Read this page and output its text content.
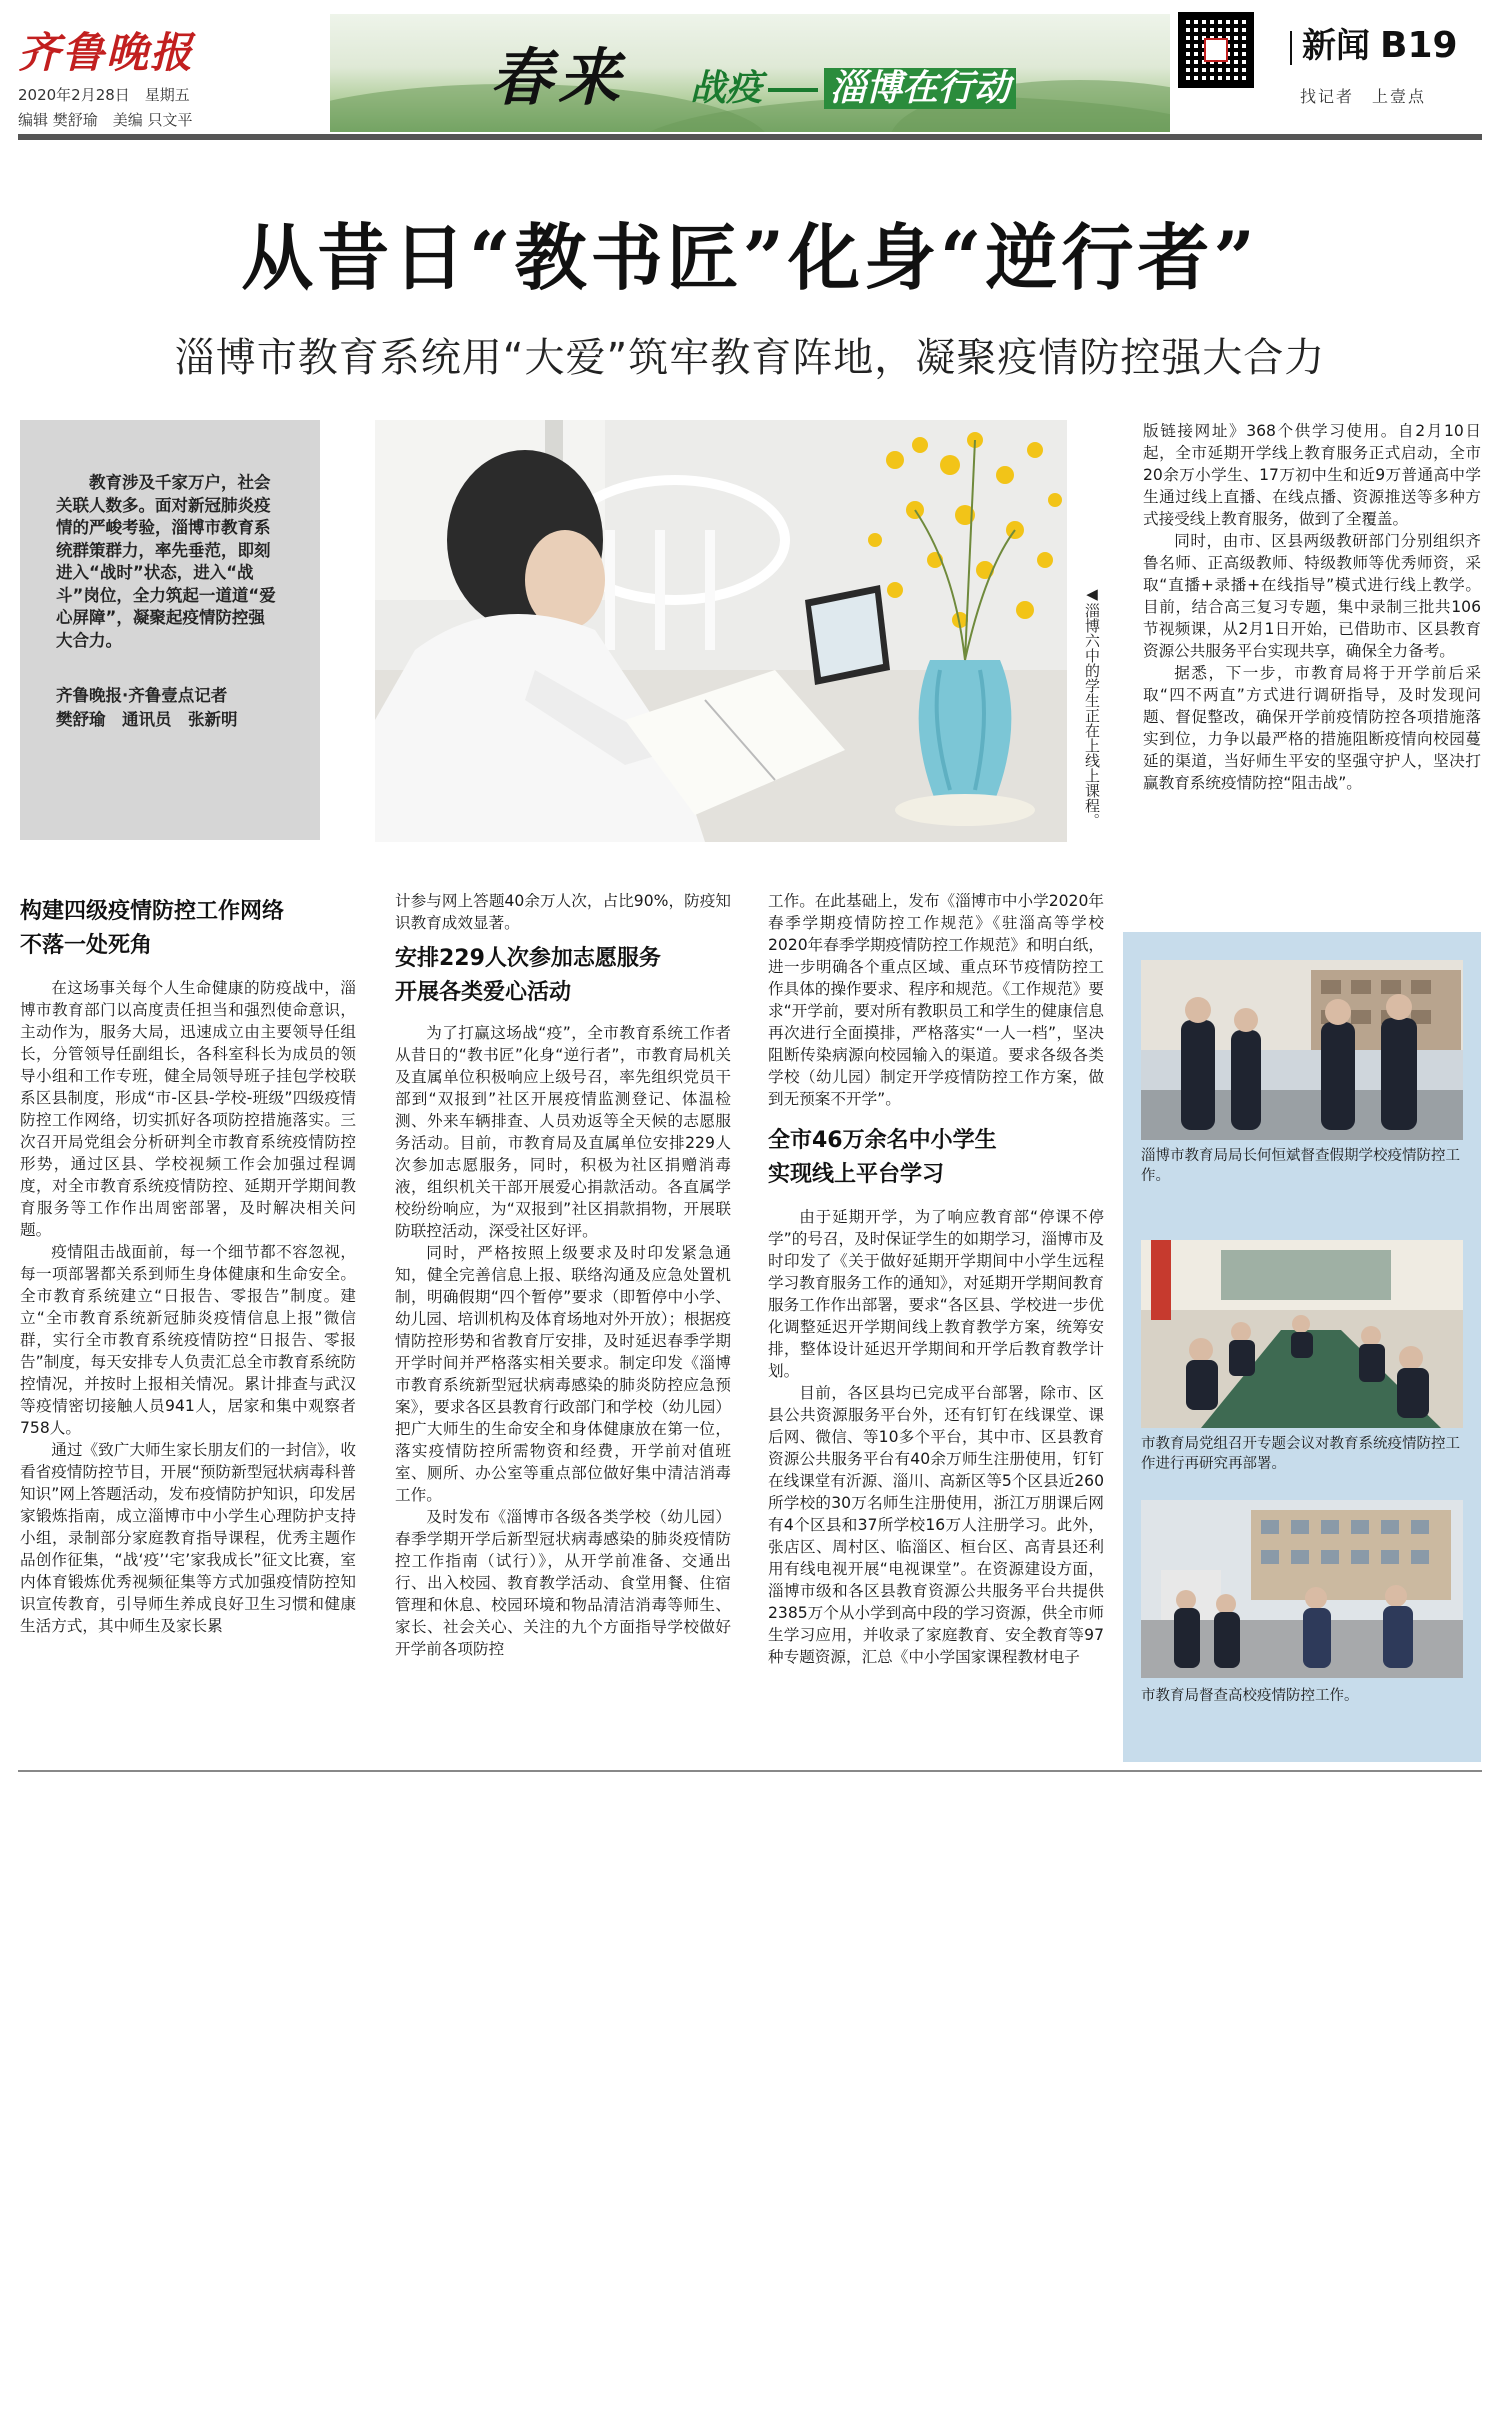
齐鲁晚报
2020年2月28日　星期五
编辑 樊舒瑜　美编 只文平
春来 战疫 淄博在行动
新闻 B19
找记者　上壹点
从昔日“教书匠”化身“逆行者”
淄博市教育系统用“大爱”筑牢教育阵地，凝聚疫情防控强大合力

教育涉及千家万户，社会关联人数多。面对新冠肺炎疫情的严峻考验，淄博市教育系统群策群力，率先垂范，即刻进入“战时”状态，进入“战斗”岗位，全力筑起一道道“爱心屏障”，凝聚起疫情防控强大合力。

齐鲁晚报·齐鲁壹点记者
樊舒瑜　通讯员　张新明	◀淄博六中的学生正在上线上课程。
构建四级疫情防控工作网络
不落一处死角

在这场事关每个人生命健康的防疫战中，淄博市教育部门以高度责任担当和强烈使命意识，主动作为，服务大局，迅速成立由主要领导任组长，分管领导任副组长，各科室科长为成员的领导小组和工作专班，健全局领导班子挂包学校联系区县制度，形成“市-区县-学校-班级”四级疫情防控工作网络，切实抓好各项防控措施落实。三次召开局党组会分析研判全市教育系统疫情防控形势，通过区县、学校视频工作会加强过程调度，对全市教育系统疫情防控、延期开学期间教育服务等工作作出周密部署，及时解决相关问题。

疫情阻击战面前，每一个细节都不容忽视，每一项部署都关系到师生身体健康和生命安全。全市教育系统建立“日报告、零报告”制度。建立“全市教育系统新冠肺炎疫情信息上报”微信群，实行全市教育系统疫情防控“日报告、零报告”制度，每天安排专人负责汇总全市教育系统防控情况，并按时上报相关情况。累计排查与武汉等疫情密切接触人员941人，居家和集中观察者758人。

通过《致广大师生家长朋友们的一封信》，收看省疫情防控节目，开展“预防新型冠状病毒科普知识”网上答题活动，发布疫情防护知识，印发居家锻炼指南，成立淄博市中小学生心理防护支持小组，录制部分家庭教育指导课程，优秀主题作品创作征集，“战‘疫’‘宅’家我成长”征文比赛，室内体育锻炼优秀视频征集等方式加强疫情防控知识宣传教育，引导师生养成良好卫生习惯和健康生活方式，其中师生及家长累

计参与网上答题40余万人次，占比90%，防疫知识教育成效显著。

安排229人次参加志愿服务
开展各类爱心活动

为了打赢这场战“疫”，全市教育系统工作者从昔日的“教书匠”化身“逆行者”，市教育局机关及直属单位积极响应上级号召，率先组织党员干部到“双报到”社区开展疫情监测登记、体温检测、外来车辆排查、人员劝返等全天候的志愿服务活动。目前，市教育局及直属单位安排229人次参加志愿服务，同时，积极为社区捐赠消毒液，组织机关干部开展爱心捐款活动。各直属学校纷纷响应，为“双报到”社区捐款捐物，开展联防联控活动，深受社区好评。

同时，严格按照上级要求及时印发紧急通知，健全完善信息上报、联络沟通及应急处置机制，明确假期“四个暂停”要求（即暂停中小学、幼儿园、培训机构及体育场地对外开放）；根据疫情防控形势和省教育厅安排，及时延迟春季学期开学时间并严格落实相关要求。制定印发《淄博市教育系统新型冠状病毒感染的肺炎防控应急预案》，要求各区县教育行政部门和学校（幼儿园）把广大师生的生命安全和身体健康放在第一位，落实疫情防控所需物资和经费，开学前对值班室、厕所、办公室等重点部位做好集中清洁消毒工作。

及时发布《淄博市各级各类学校（幼儿园）春季学期开学后新型冠状病毒感染的肺炎疫情防控工作指南（试行）》，从开学前准备、交通出行、出入校园、教育教学活动、食堂用餐、住宿管理和休息、校园环境和物品清洁消毒等师生、家长、社会关心、关注的九个方面指导学校做好开学前各项防控

工作。在此基础上，发布《淄博市中小学2020年春季学期疫情防控工作规范》《驻淄高等学校2020年春季学期疫情防控工作规范》和明白纸，进一步明确各个重点区域、重点环节疫情防控工作具体的操作要求、程序和规范。《工作规范》要求“开学前，要对所有教职员工和学生的健康信息再次进行全面摸排，严格落实“一人一档”，坚决阻断传染病源向校园输入的渠道。要求各级各类学校（幼儿园）制定开学疫情防控工作方案，做到无预案不开学”。

全市46万余名中小学生
实现线上平台学习

由于延期开学，为了响应教育部“停课不停学”的号召，及时保证学生的如期学习，淄博市及时印发了《关于做好延期开学期间中小学生远程学习教育服务工作的通知》，对延期开学期间教育服务工作作出部署，要求“各区县、学校进一步优化调整延迟开学期间线上教育教学方案，统筹安排，整体设计延迟开学期间和开学后教育教学计划。

目前，各区县均已完成平台部署，除市、区县公共资源服务平台外，还有钉钉在线课堂、课后网、微信、等10多个平台，其中市、区县教育资源公共服务平台有40余万师生注册使用，钉钉在线课堂有沂源、淄川、高新区等5个区县近260所学校的30万名师生注册使用，浙江万朋课后网有4个区县和37所学校16万人注册学习。此外，张店区、周村区、临淄区、桓台区、高青县还利用有线电视开展“电视课堂”。在资源建设方面，淄博市级和各区县教育资源公共服务平台共提供2385万个从小学到高中段的学习资源，供全市师生学习应用，并收录了家庭教育、安全教育等97种专题资源，汇总《中小学国家课程教材电子

版链接网址》368个供学习使用。自2月10日起，全市延期开学线上教育服务正式启动，全市20余万小学生、17万初中生和近9万普通高中学生通过线上直播、在线点播、资源推送等多种方式接受线上教育服务，做到了全覆盖。

同时，由市、区县两级教研部门分别组织齐鲁名师、正高级教师、特级教师等优秀师资，采取“直播+录播+在线指导”模式进行线上教学。目前，结合高三复习专题，集中录制三批共106节视频课，从2月1日开始，已借助市、区县教育资源公共服务平台实现共享，确保全力备考。

据悉，下一步，市教育局将于开学前后采取“四不两直”方式进行调研指导，及时发现问题、督促整改，确保开学前疫情防控各项措施落实到位，力争以最严格的措施阻断疫情向校园蔓延的渠道，当好师生平安的坚强守护人，坚决打赢教育系统疫情防控“阻击战”。

淄博市教育局局长何恒斌督查假期学校疫情防控工作。
市教育局党组召开专题会议对教育系统疫情防控工作进行再研究再部署。
市教育局督查高校疫情防控工作。
